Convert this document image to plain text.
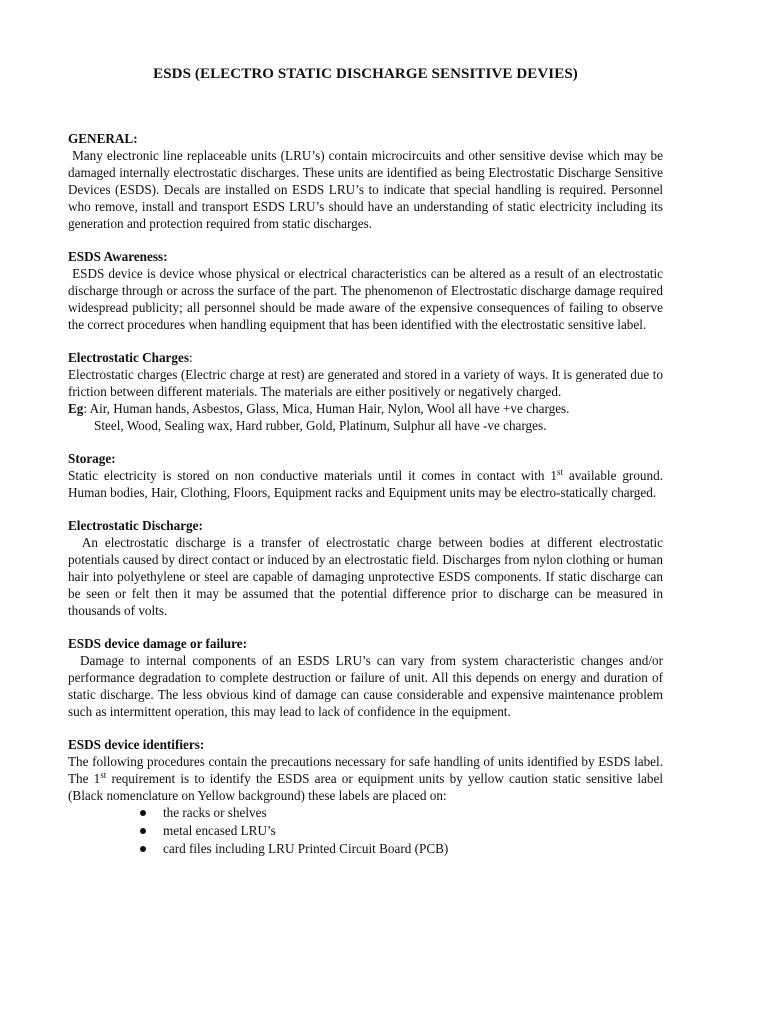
ESDS (ELECTRO STATIC DISCHARGE SENSITIVE DEVIES)

GENERAL:

Many electronic line replaceable units (LRU’s) contain microcircuits and other sensitive devise which may be damaged internally electrostatic discharges. These units are identified as being Electrostatic Discharge Sensitive Devices (ESDS). Decals are installed on ESDS LRU’s to indicate that special handling is required. Personnel who remove, install and transport ESDS LRU’s should have an understanding of static electricity including its generation and protection required from static discharges.

ESDS Awareness:

ESDS device is device whose physical or electrical characteristics can be altered as a result of an electrostatic discharge through or across the surface of the part. The phenomenon of Electrostatic discharge damage required widespread publicity; all personnel should be made aware of the expensive consequences of failing to observe the correct procedures when handling equipment that has been identified with the electrostatic sensitive label.

Electrostatic Charges:

Electrostatic charges (Electric charge at rest) are generated and stored in a variety of ways. It is generated due to friction between different materials. The materials are either positively or negatively charged.

Eg: Air, Human hands, Asbestos, Glass, Mica, Human Hair, Nylon, Wool all have +ve charges.

Steel, Wood, Sealing wax, Hard rubber, Gold, Platinum, Sulphur all have -ve charges.

Storage:

Static electricity is stored on non conductive materials until it comes in contact with 1st available ground. Human bodies, Hair, Clothing, Floors, Equipment racks and Equipment units may be electro-statically charged.

Electrostatic Discharge:

An electrostatic discharge is a transfer of electrostatic charge between bodies at different electrostatic potentials caused by direct contact or induced by an electrostatic field. Discharges from nylon clothing or human hair into polyethylene or steel are capable of damaging unprotective ESDS components. If static discharge can be seen or felt then it may be assumed that the potential difference prior to discharge can be measured in thousands of volts.

ESDS device damage or failure:

Damage to internal components of an ESDS LRU’s can vary from system characteristic changes and/or performance degradation to complete destruction or failure of unit. All this depends on energy and duration of static discharge. The less obvious kind of damage can cause considerable and expensive maintenance problem such as intermittent operation, this may lead to lack of confidence in the equipment.

ESDS device identifiers:

The following procedures contain the precautions necessary for safe handling of units identified by ESDS label. The 1st requirement is to identify the ESDS area or equipment units by yellow caution static sensitive label (Black nomenclature on Yellow background) these labels are placed on:

the racks or shelves
metal encased LRU’s
card files including LRU Printed Circuit Board (PCB)
